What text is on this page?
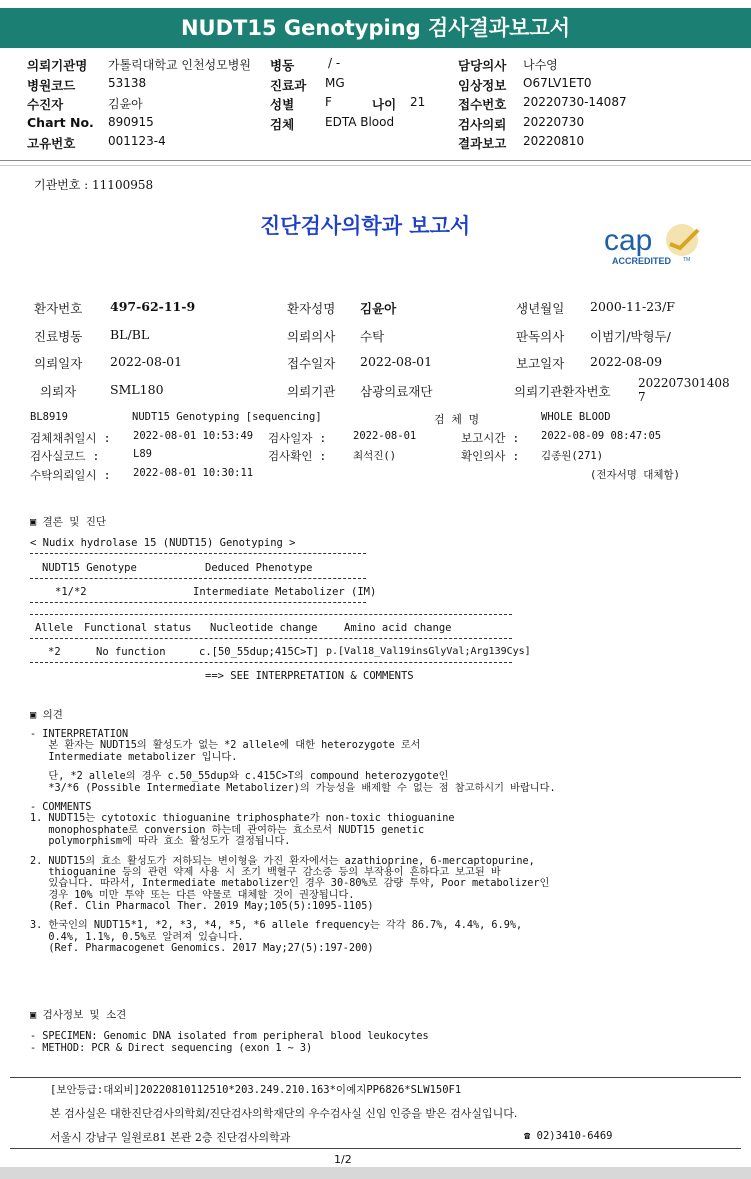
NUDT15 Genotyping 검사결과보고서
의뢰기관명 가톨릭대학교 인천성모병원
병원코드	53138
수진자	김윤아
Chart No. 890915
고유번호	001123-4
병동	/ -
진료과 MG
성별	F	나이 21
검체	EDTA Blood
담당의사 나수영
임상정보 O67LV1ET0
접수번호 20220730-14087
검사의뢰 20220730
결과보고 20220810
기관번호 : 11100958
진단검사의학과 보고서	cap
ACCREDITED TM
환자번호 497-62-11-9	환자성명 김윤아	생년월일 2000-11-23/F
진료병동 BL/BL	의뢰의사 수탁	판독의사 이범기/박형두/
의뢰일자 2022-08-01	접수일자 2022-08-01	보고일자 2022-08-09
의뢰자	SML180	의뢰기관 삼광의료재단	의뢰기관환자번호
202207301408
7
BL8919	NUDT15 Genotyping [sequencing]	검 체 명	WHOLE BLOOD
검체채취일시 : 2022-08-01 10:53:49 검사일자 :	2022-08-01	보고시간 : 2022-08-09 08:47:05
검사실코드 :	L89	검사확인 :	최석진()	확인의사 : 김종원(271)
수탁의뢰일시 : 2022-08-01 10:30:11	(전자서명 대체함)
▣ 결론 및 진단
< Nudix hydrolase 15 (NUDT15) Genotyping >
NUDT15 Genotype	Deduced Phenotype
*1/*2	Intermediate Metabolizer (IM)
Allele Functional status Nucleotide change	Amino acid change
*2	No function	c.[50_55dup;415C>T] p.[Val18_Val19insGlyVal;Arg139Cys]
==> SEE INTERPRETATION & COMMENTS
▣ 의견
- INTERPRETATION
본 환자는 NUDT15의 활성도가 없는 *2 allele에 대한 heterozygote 로서
Intermediate metabolizer 입니다.
단, *2 allele의 경우 c.50_55dup와 c.415C>T의 compound heterozygote인
*3/*6 (Possible Intermediate Metabolizer)의 가능성을 배제할 수 없는 점 참고하시기 바랍니다.
- COMMENTS
1. NUDT15는 cytotoxic thioguanine triphosphate가 non-toxic thioguanine
monophosphate로 conversion 하는데 관여하는 효소로서 NUDT15 genetic
polymorphism에 따라 효소 활성도가 결정됩니다.
2. NUDT15의 효소 활성도가 저하되는 변이형을 가진 환자에서는 azathioprine, 6-mercaptopurine,
thioguanine 등의 관련 약제 사용 시 조기 백혈구 감소증 등의 부작용이 흔하다고 보고된 바
있습니다. 따라서, Intermediate metabolizer인 경우 30-80%로 감량 투약, Poor metabolizer인
경우 10% 미만 투약 또는 다른 약물로 대체할 것이 권장됩니다.
(Ref. Clin Pharmacol Ther. 2019 May;105(5):1095-1105)
3. 한국인의 NUDT15*1, *2, *3, *4, *5, *6 allele frequency는 각각 86.7%, 4.4%, 6.9%,
0.4%, 1.1%, 0.5%로 알려져 있습니다.
(Ref. Pharmacogenet Genomics. 2017 May;27(5):197-200)
▣ 검사정보 및 소견
- SPECIMEN: Genomic DNA isolated from peripheral blood leukocytes
- METHOD: PCR & Direct sequencing (exon 1 ~ 3)
[보안등급:대외비]20220810112510*203.249.210.163*이예지PP6826*SLW150F1
본 검사실은 대한진단검사의학회/진단검사의학재단의 우수검사실 신임 인증을 받은 검사실입니다.
서울시 강남구 일원로81 본관 2층 진단검사의학과	☎ 02)3410-6469
1/2
